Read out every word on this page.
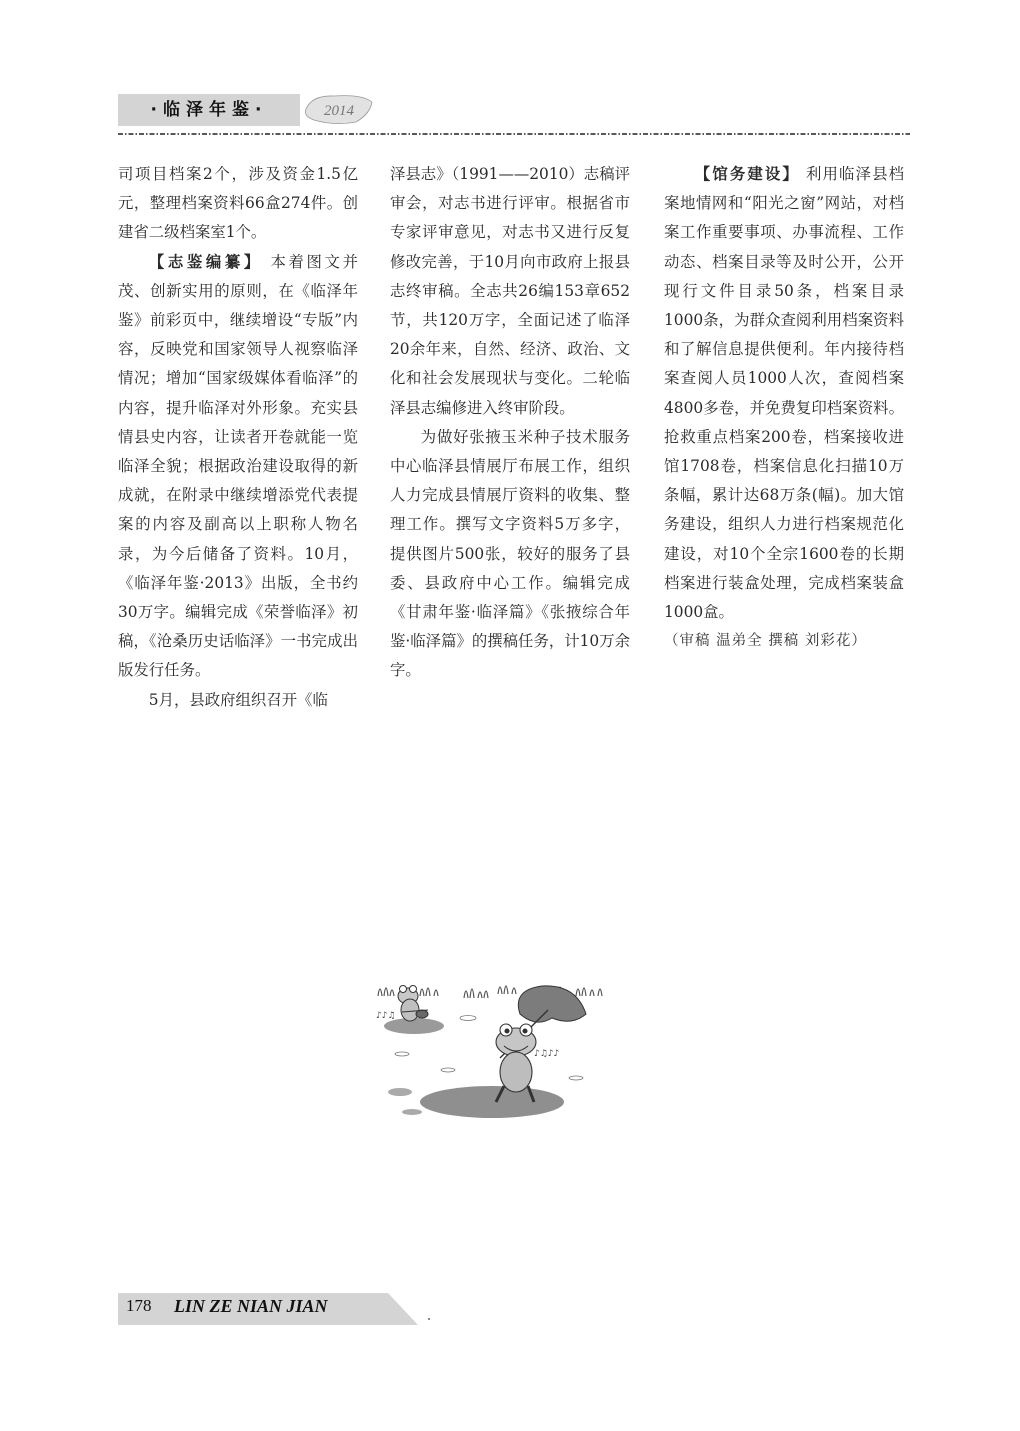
·临泽年鉴·	2014

司项目档案2个，涉及资金1.5亿元，整理档案资料66盒274件。创建省二级档案室1个。

【志鉴编纂】 本着图文并茂、创新实用的原则，在《临泽年鉴》前彩页中，继续增设“专版”内容，反映党和国家领导人视察临泽情况；增加“国家级媒体看临泽”的内容，提升临泽对外形象。充实县情县史内容，让读者开卷就能一览临泽全貌；根据政治建设取得的新成就，在附录中继续增添党代表提案的内容及副高以上职称人物名录，为今后储备了资料。10月，《临泽年鉴·2013》出版，全书约30万字。编辑完成《荣誉临泽》初稿，《沧桑历史话临泽》一书完成出版发行任务。

5月，县政府组织召开《临

泽县志》（1991——2010）志稿评审会，对志书进行评审。根据省市专家评审意见，对志书又进行反复修改完善，于10月向市政府上报县志终审稿。全志共26编153章652节，共120万字，全面记述了临泽20余年来，自然、经济、政治、文化和社会发展现状与变化。二轮临泽县志编修进入终审阶段。

为做好张掖玉米种子技术服务中心临泽县情展厅布展工作，组织人力完成县情展厅资料的收集、整理工作。撰写文字资料5万多字，提供图片500张，较好的服务了县委、县政府中心工作。编辑完成《甘肃年鉴·临泽篇》《张掖综合年鉴·临泽篇》的撰稿任务，计10万余字。

【馆务建设】 利用临泽县档案地情网和“阳光之窗”网站，对档案工作重要事项、办事流程、工作动态、档案目录等及时公开，公开现行文件目录50条，档案目录1000条，为群众查阅利用档案资料和了解信息提供便利。年内接待档案查阅人员1000人次，查阅档案4800多卷，并免费复印档案资料。抢救重点档案200卷，档案接收进馆1708卷，档案信息化扫描10万条幅，累计达68万条(幅)。加大馆务建设，组织人力进行档案规范化建设，对10个全宗1600卷的长期档案进行装盒处理，完成档案装盒1000盒。

（审稿 温弟全 撰稿 刘彩花）

♪♪♫
♪♫♪♪
178 LIN ZE NIAN JIAN
